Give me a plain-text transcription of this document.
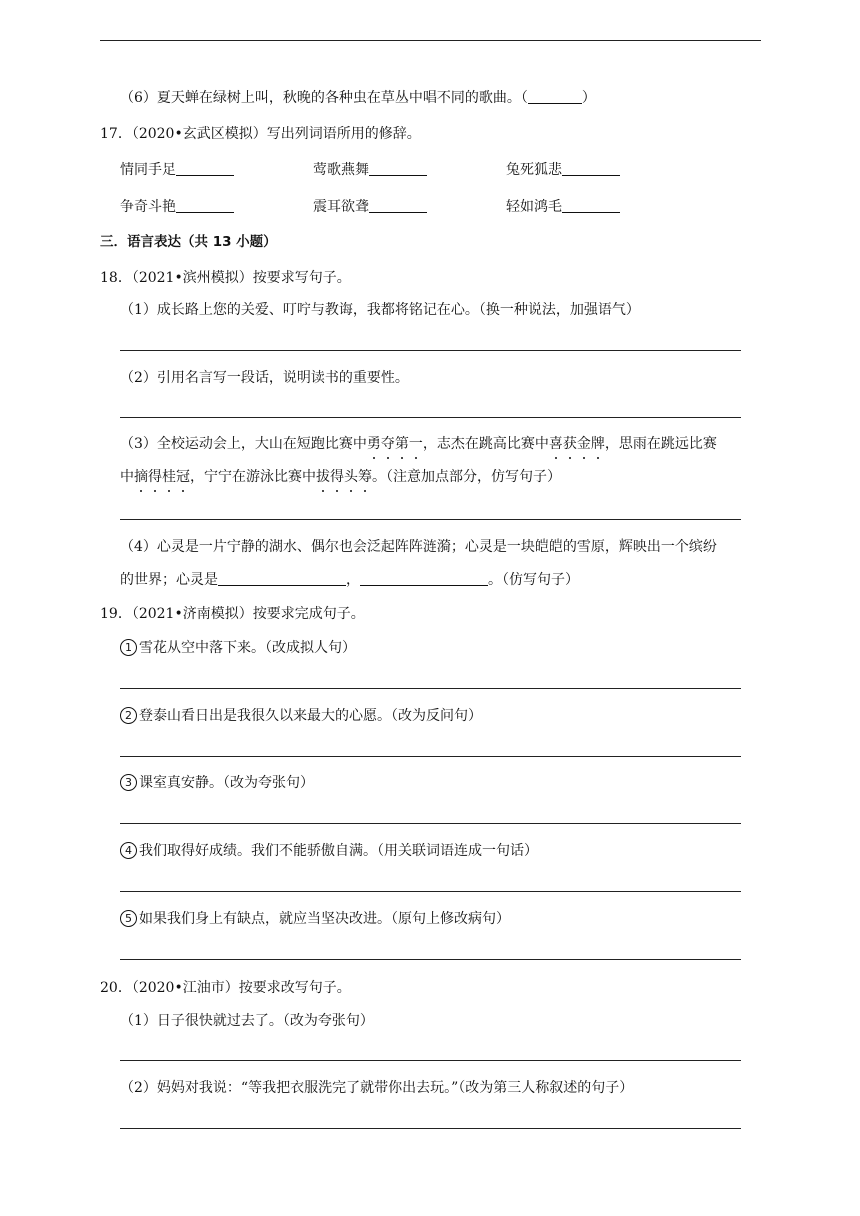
（6）夏天蝉在绿树上叫，秋晚的各种虫在草丛中唱不同的歌曲。（	）
17．（2020•玄武区模拟）写出列词语所用的修辞。
情同手足	莺歌燕舞	兔死狐悲
争奇斗艳	震耳欲聋	轻如鸿毛
三．语言表达（共 13 小题）
18．（2021•滨州模拟）按要求写句子。
（1）成长路上您的关爱、叮咛与教诲，我都将铭记在心。（换一种说法，加强语气）
（2）引用名言写一段话，说明读书的重要性。
（3）全校运动会上，大山在短跑比赛中勇夺第一，志杰在跳高比赛中喜获金牌，思雨在跳远比赛
中摘得桂冠，宁宁在游泳比赛中拔得头筹。（注意加点部分，仿写句子）
（4）心灵是一片宁静的湖水、偶尔也会泛起阵阵涟漪；心灵是一块皑皑的雪原，辉映出一个缤纷
的世界；心灵是	，	。（仿写句子）
19．（2021•济南模拟）按要求完成句子。
1 雪花从空中落下来。（改成拟人句）
2 登泰山看日出是我很久以来最大的心愿。（改为反问句）
3 课室真安静。（改为夸张句）
4 我们取得好成绩。我们不能骄傲自满。（用关联词语连成一句话）
5 如果我们身上有缺点，就应当坚决改进。（原句上修改病句）
20．（2020•江油市）按要求改写句子。
（1）日子很快就过去了。（改为夸张句）
（2）妈妈对我说：“等我把衣服洗完了就带你出去玩。”（改为第三人称叙述的句子）
